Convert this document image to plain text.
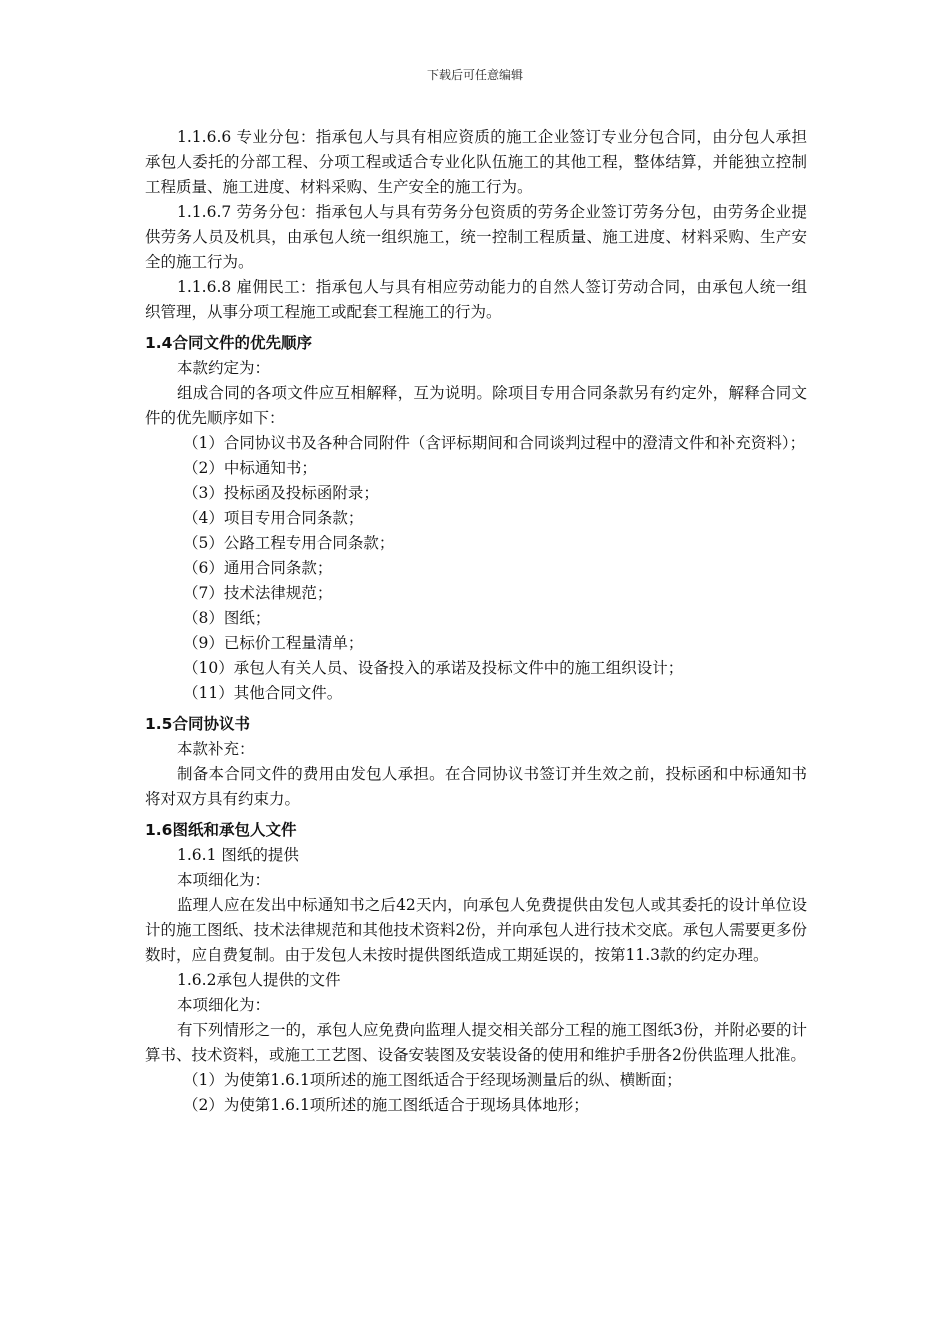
下载后可任意编辑

1.1.6.6 专业分包：指承包人与具有相应资质的施工企业签订专业分包合同，由分包人承担承包人委托的分部工程、分项工程或适合专业化队伍施工的其他工程，整体结算，并能独立控制工程质量、施工进度、材料采购、生产安全的施工行为。

1.1.6.7 劳务分包：指承包人与具有劳务分包资质的劳务企业签订劳务分包，由劳务企业提供劳务人员及机具，由承包人统一组织施工，统一控制工程质量、施工进度、材料采购、生产安全的施工行为。

1.1.6.8 雇佣民工：指承包人与具有相应劳动能力的自然人签订劳动合同，由承包人统一组织管理，从事分项工程施工或配套工程施工的行为。

1.4合同文件的优先顺序

本款约定为：

组成合同的各项文件应互相解释，互为说明。除项目专用合同条款另有约定外，解释合同文件的优先顺序如下：

（1）合同协议书及各种合同附件（含评标期间和合同谈判过程中的澄清文件和补充资料）；

（2）中标通知书；

（3）投标函及投标函附录；

（4）项目专用合同条款；

（5）公路工程专用合同条款；

（6）通用合同条款；

（7）技术法律规范；

（8）图纸；

（9）已标价工程量清单；

（10）承包人有关人员、设备投入的承诺及投标文件中的施工组织设计；

（11）其他合同文件。

1.5合同协议书

本款补充：

制备本合同文件的费用由发包人承担。在合同协议书签订并生效之前，投标函和中标通知书将对双方具有约束力。

1.6图纸和承包人文件

1.6.1 图纸的提供

本项细化为：

监理人应在发出中标通知书之后42天内，向承包人免费提供由发包人或其委托的设计单位设计的施工图纸、技术法律规范和其他技术资料2份，并向承包人进行技术交底。承包人需要更多份数时，应自费复制。由于发包人未按时提供图纸造成工期延误的，按第11.3款的约定办理。

1.6.2承包人提供的文件

本项细化为：

有下列情形之一的，承包人应免费向监理人提交相关部分工程的施工图纸3份，并附必要的计算书、技术资料，或施工工艺图、设备安装图及安装设备的使用和维护手册各2份供监理人批准。

（1）为使第1.6.1项所述的施工图纸适合于经现场测量后的纵、横断面；

（2）为使第1.6.1项所述的施工图纸适合于现场具体地形；
